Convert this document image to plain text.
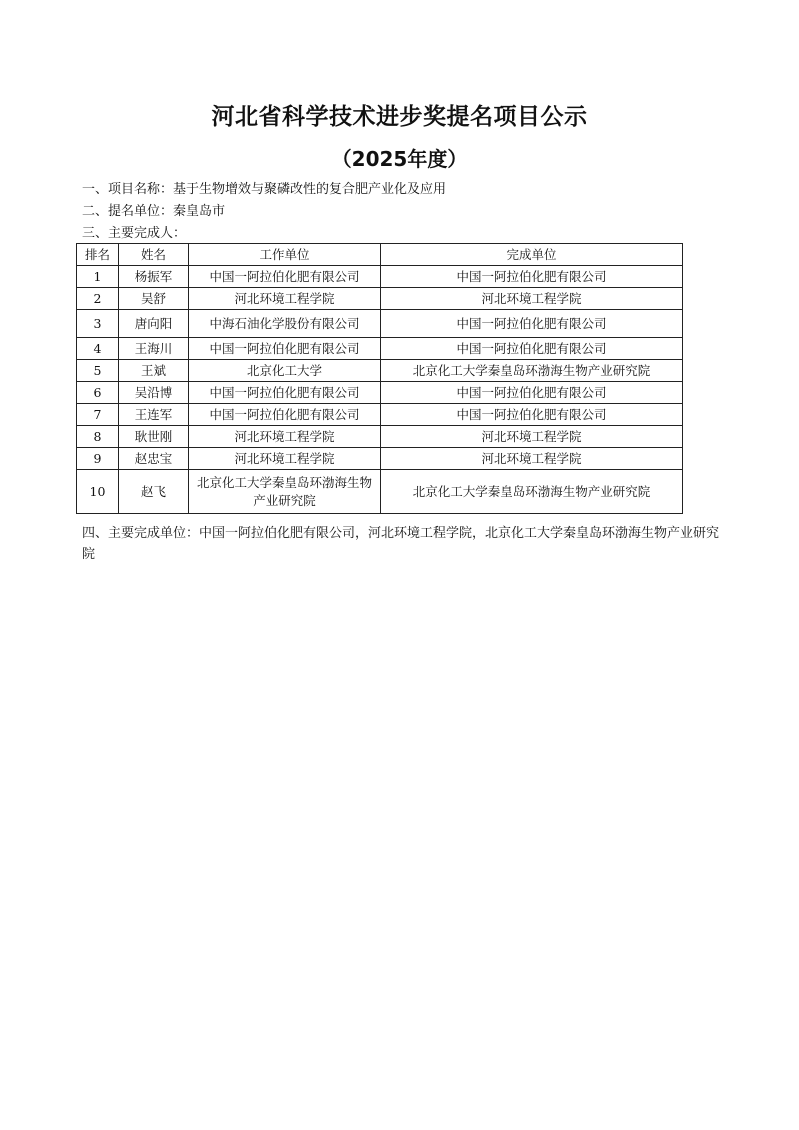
河北省科学技术进步奖提名项目公示
（2025年度）
一、项目名称：基于生物增效与聚磷改性的复合肥产业化及应用
二、提名单位：秦皇岛市
三、主要完成人：
排名	姓名	工作单位	完成单位
1	杨振军	中国一阿拉伯化肥有限公司	中国一阿拉伯化肥有限公司
2	吴舒	河北环境工程学院	河北环境工程学院
3	唐向阳	中海石油化学股份有限公司	中国一阿拉伯化肥有限公司
4	王海川	中国一阿拉伯化肥有限公司	中国一阿拉伯化肥有限公司
5	王斌	北京化工大学	北京化工大学秦皇岛环渤海生物产业研究院
6	吴沿博	中国一阿拉伯化肥有限公司	中国一阿拉伯化肥有限公司
7	王连军	中国一阿拉伯化肥有限公司	中国一阿拉伯化肥有限公司
8	耿世刚	河北环境工程学院	河北环境工程学院
9	赵忠宝	河北环境工程学院	河北环境工程学院
10	赵飞	北京化工大学秦皇岛环渤海生物产业研究院	北京化工大学秦皇岛环渤海生物产业研究院
四、主要完成单位：中国一阿拉伯化肥有限公司，河北环境工程学院，北京化工大学秦皇岛环渤海生物产业研究院
